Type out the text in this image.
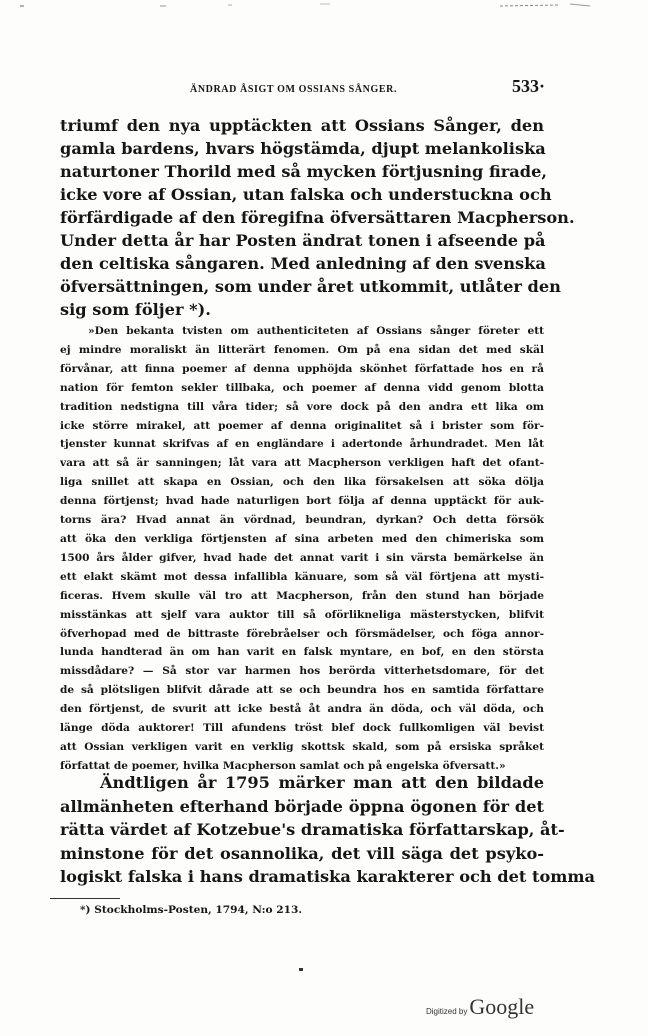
ÄNDRAD ÅSIGT OM OSSIANS SÅNGER.	533·
triumf den nya upptäckten att Ossians Sånger, den
gamla bardens, hvars högstämda, djupt melankoliska
naturtoner Thorild med så mycken förtjusning firade,
icke vore af Ossian, utan falska och understuckna och
förfärdigade af den föregifna öfversättaren Macpherson.
Under detta år har Posten ändrat tonen i afseende på
den celtiska sångaren. Med anledning af den svenska
öfversättningen, som under året utkommit, utlåter den
sig som följer *).
»Den bekanta tvisten om authenticiteten af Ossians sånger företer ett
ej mindre moraliskt än litterärt fenomen. Om på ena sidan det med skäl
förvånar, att finna poemer af denna upphöjda skönhet författade hos en rå
nation för femton sekler tillbaka, och poemer af denna vidd genom blotta
tradition nedstigna till våra tider; så vore dock på den andra ett lika om
icke större mirakel, att poemer af denna originalitet så i brister som för-
tjenster kunnat skrifvas af en engländare i adertonde århundradet. Men låt
vara att så är sanningen; låt vara att Macpherson verkligen haft det ofant-
liga snillet att skapa en Ossian, och den lika försakelsen att söka dölja
denna förtjenst; hvad hade naturligen bort följa af denna upptäckt för auk-
torns ära? Hvad annat än vördnad, beundran, dyrkan? Och detta försök
att öka den verkliga förtjensten af sina arbeten med den chimeriska som
1500 års ålder gifver, hvad hade det annat varit i sin värsta bemärkelse än
ett elakt skämt mot dessa infallibla känuare, som så väl förtjena att mysti-
ficeras. Hvem skulle väl tro att Macpherson, från den stund han började
misstänkas att sjelf vara auktor till så oförlikneliga mästerstycken, blifvit
öfverhopad med de bittraste förebråelser och försmädelser, och föga annor-
lunda handterad än om han varit en falsk myntare, en bof, en den största
missdådare? — Så stor var harmen hos berörda vitterhetsdomare, för det
de så plötsligen blifvit dårade att se och beundra hos en samtida författare
den förtjenst, de svurit att icke bestå åt andra än döda, och väl döda, och
länge döda auktorer! Till afundens tröst blef dock fullkomligen väl bevist
att Ossian verkligen varit en verklig skottsk skald, som på ersiska språket
författat de poemer, hvilka Macpherson samlat och på engelska öfversatt.»
Ändtligen år 1795 märker man att den bildade
allmänheten efterhand började öppna ögonen för det
rätta värdet af Kotzebue's dramatiska författarskap, åt-
minstone för det osannolika, det vill säga det psyko-
logiskt falska i hans dramatiska karakterer och det tomma
*) Stockholms-Posten, 1794, N:o 213.
Digitized by Google
